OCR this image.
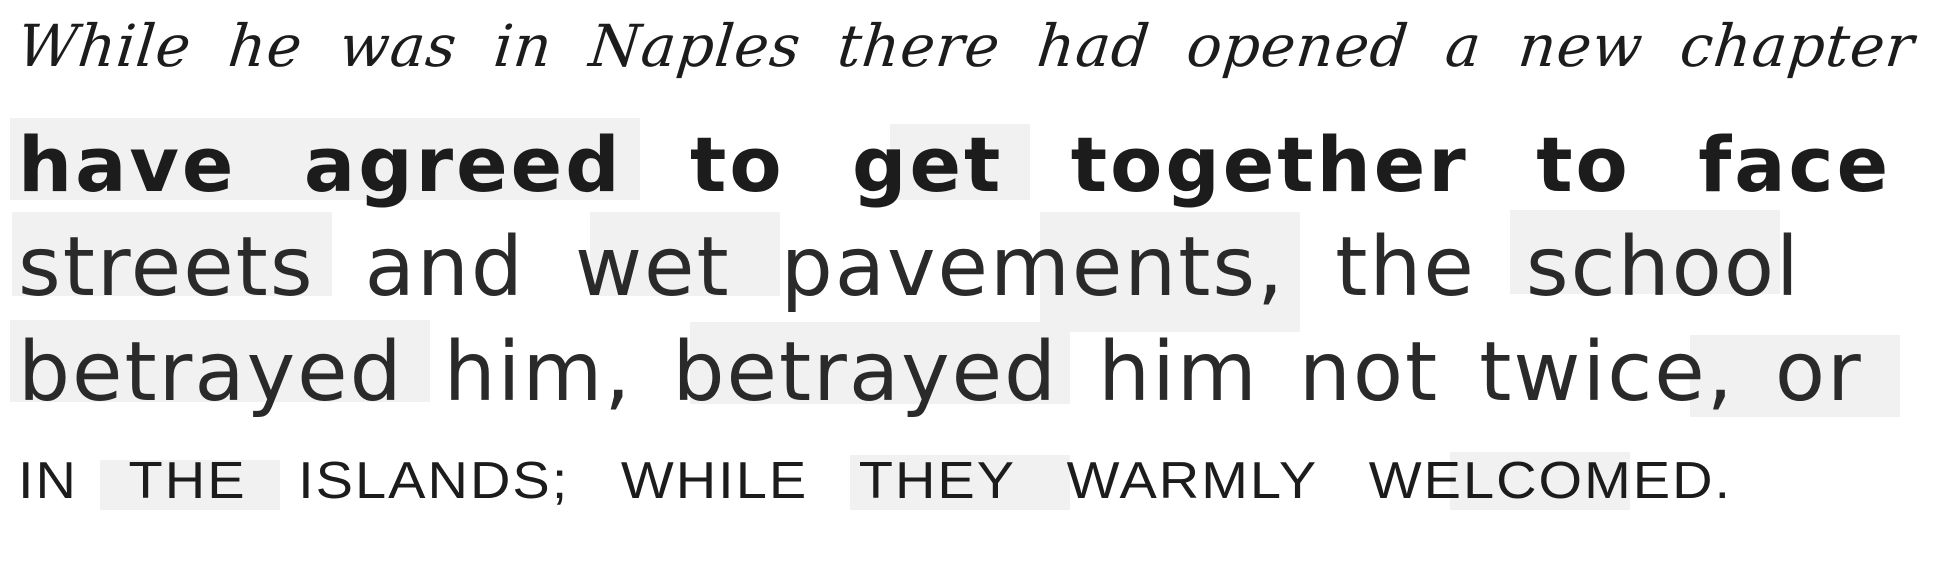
While he was in Naples there had opened a new chapter
have agreed to get together to face
streets and wet pavements, the school
betrayed him, betrayed him not twice, or
IN THE ISLANDS; WHILE THEY WARMLY WELCOMED.
